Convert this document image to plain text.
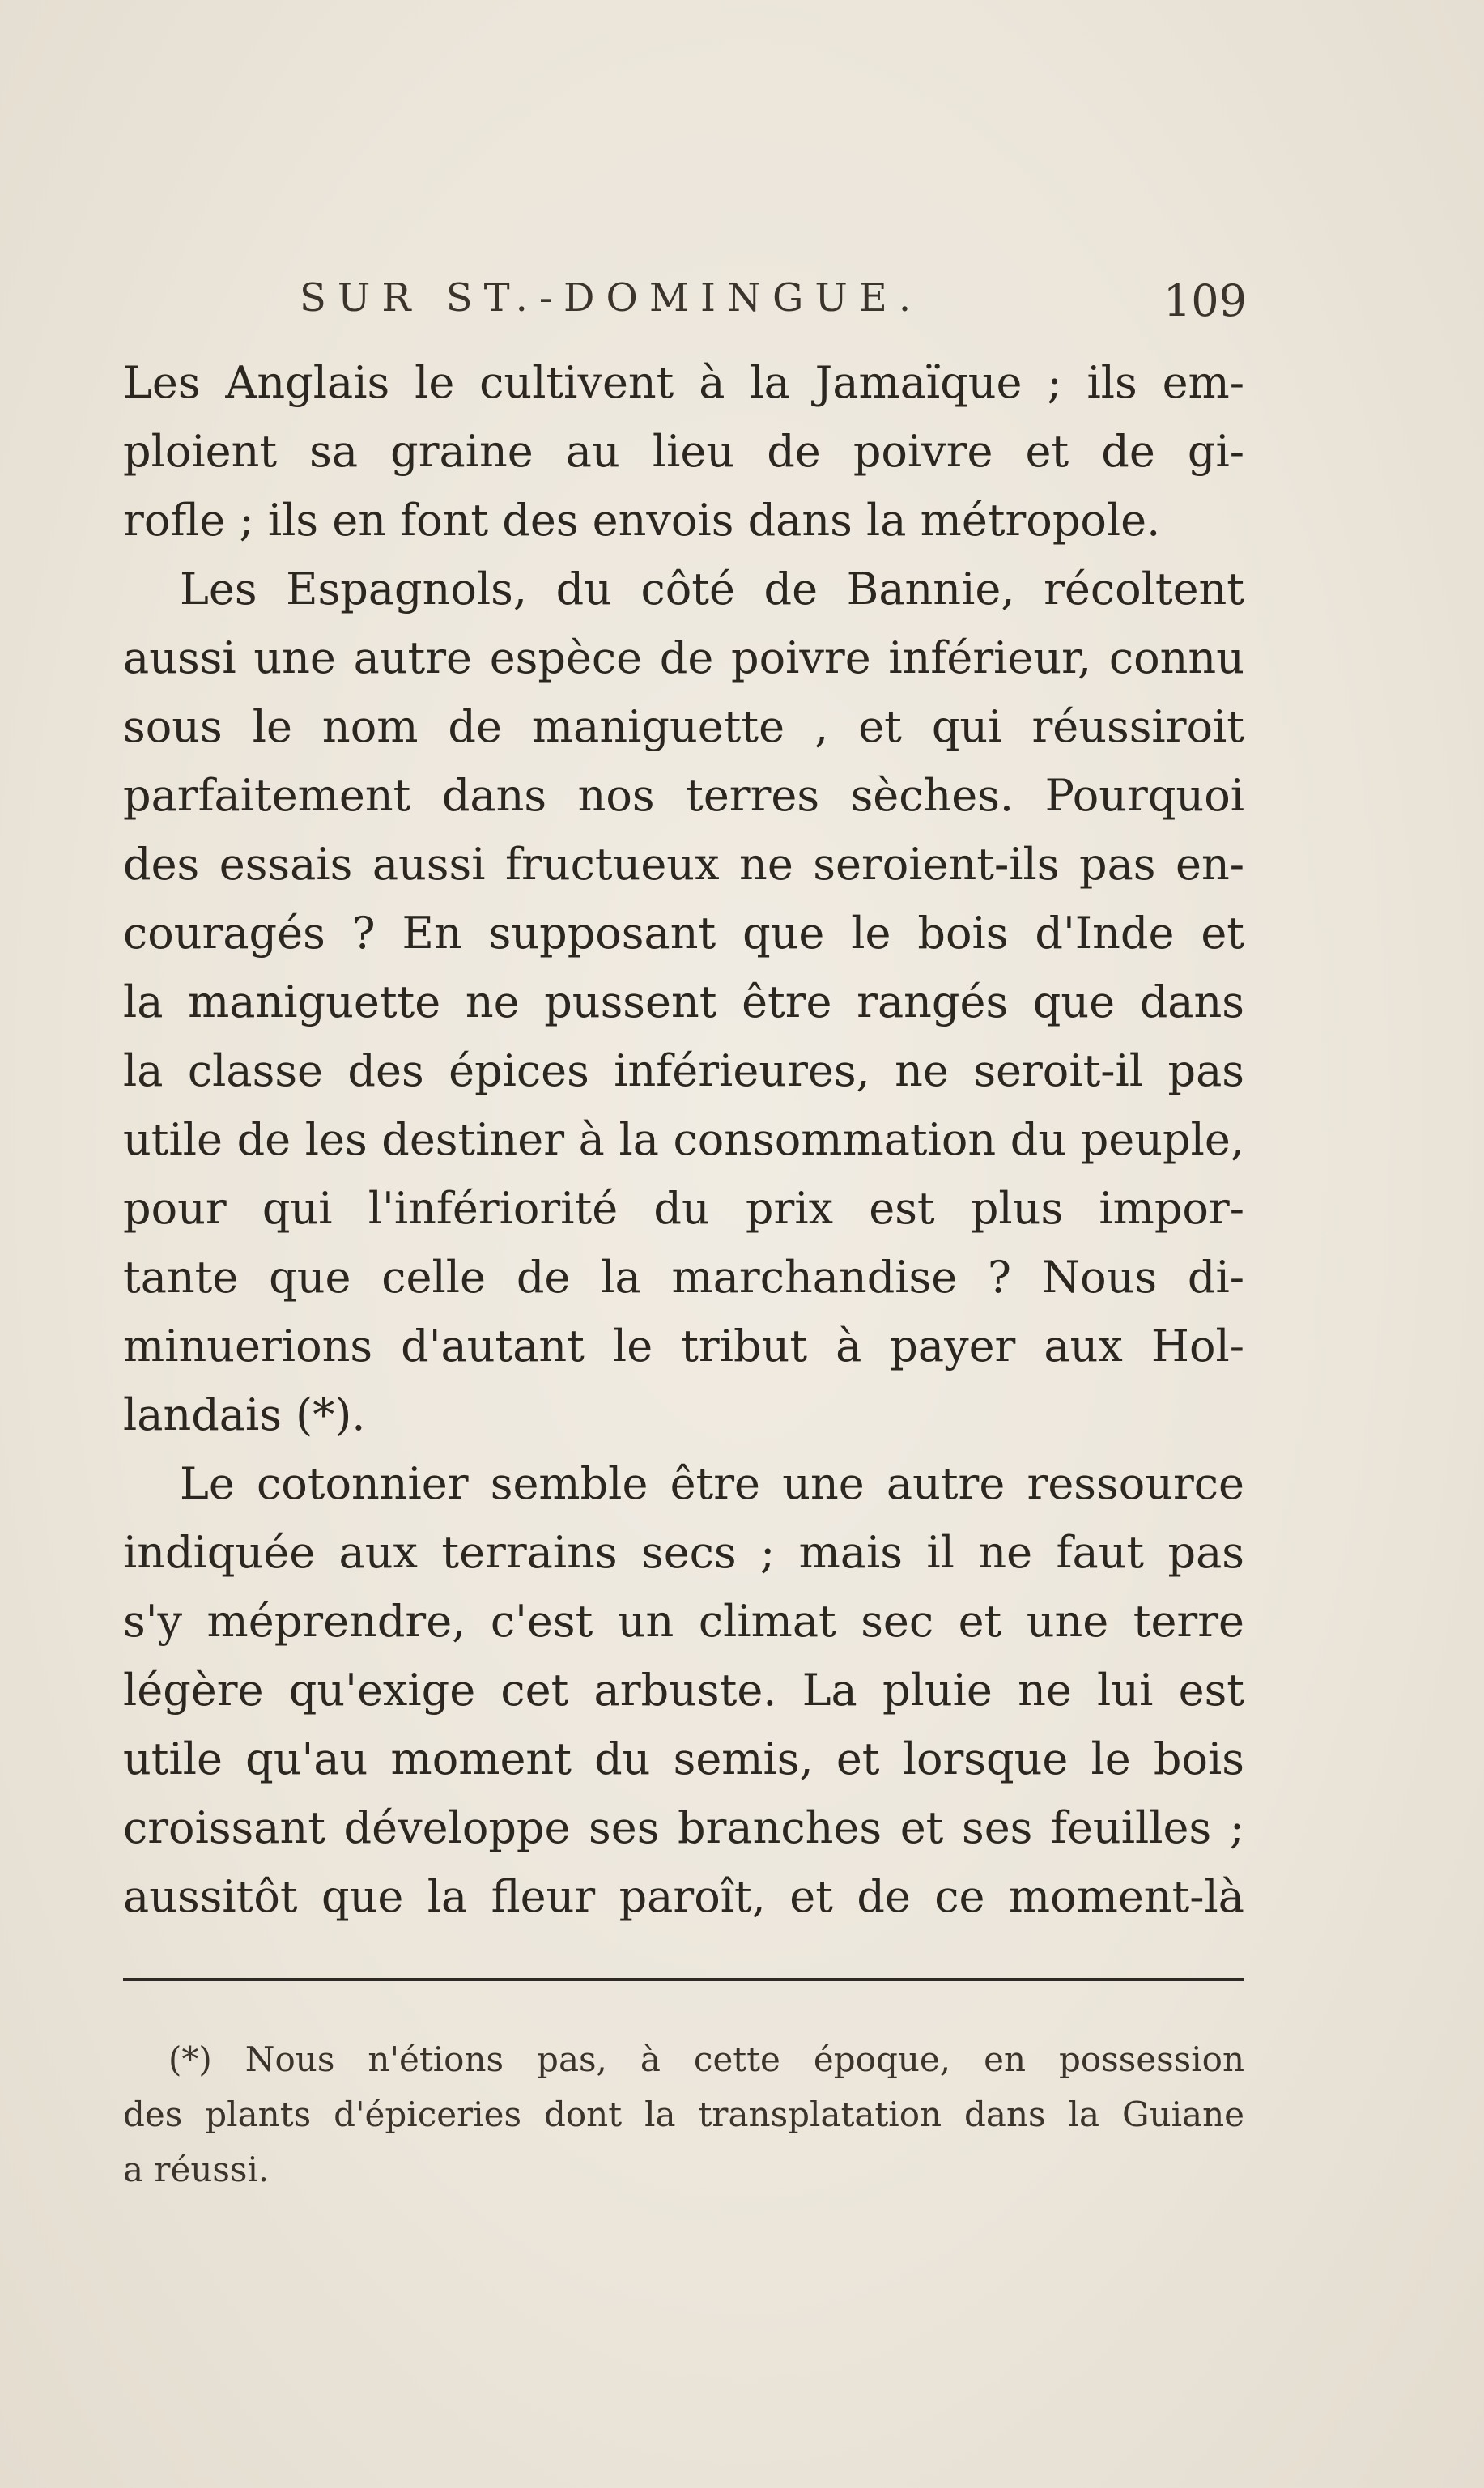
SUR ST.-DOMINGUE.	109
Les Anglais le cultivent à la Jamaïque ; ils em-
ploient sa graine au lieu de poivre et de gi-
rofle ; ils en font des envois dans la métropole.
Les Espagnols, du côté de Bannie, récoltent
aussi une autre espèce de poivre inférieur, connu
sous le nom de maniguette , et qui réussiroit
parfaitement dans nos terres sèches. Pourquoi
des essais aussi fructueux ne seroient-ils pas en-
couragés ? En supposant que le bois d'Inde et
la maniguette ne pussent être rangés que dans
la classe des épices inférieures, ne seroit-il pas
utile de les destiner à la consommation du peuple,
pour qui l'infériorité du prix est plus impor-
tante que celle de la marchandise ? Nous di-
minuerions d'autant le tribut à payer aux Hol-
landais (*).
Le cotonnier semble être une autre ressource
indiquée aux terrains secs ; mais il ne faut pas
s'y méprendre, c'est un climat sec et une terre
légère qu'exige cet arbuste. La pluie ne lui est
utile qu'au moment du semis, et lorsque le bois
croissant développe ses branches et ses feuilles ;
aussitôt que la fleur paroît, et de ce moment-là
(*) Nous n'étions pas, à cette époque, en possession
des plants d'épiceries dont la transplatation dans la Guiane
a réussi.
